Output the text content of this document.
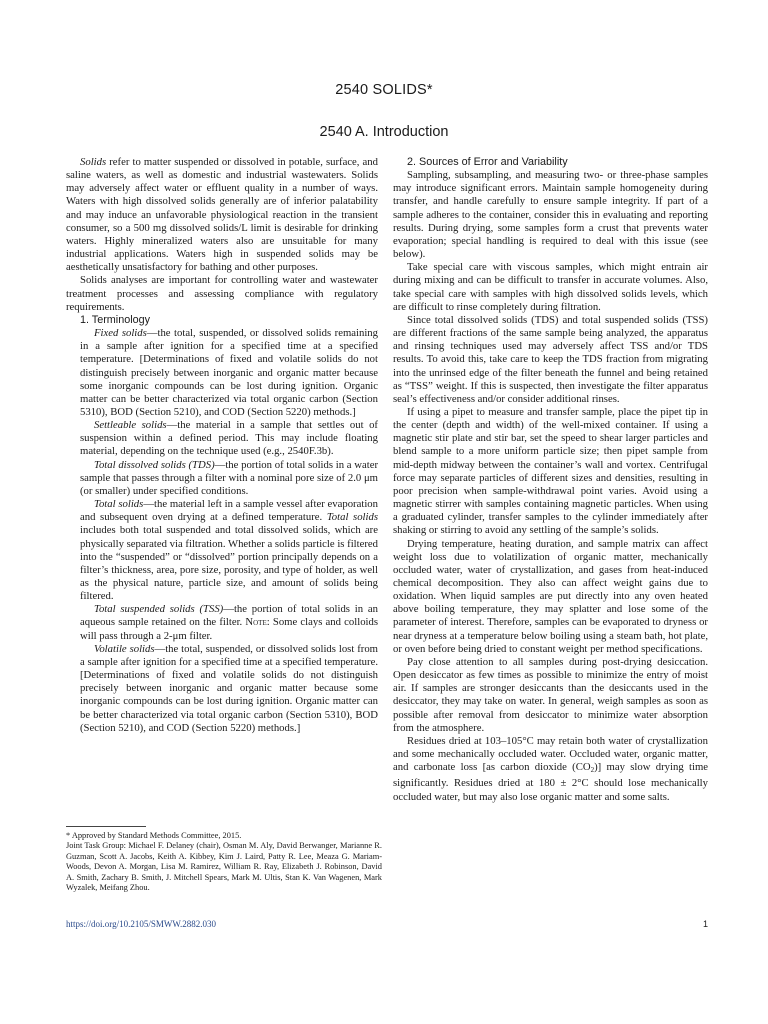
2540 SOLIDS*
2540 A. Introduction

Solids refer to matter suspended or dissolved in potable, surface, and saline waters, as well as domestic and industrial wastewaters. Solids may adversely affect water or effluent quality in a number of ways. Waters with high dissolved solids generally are of inferior palatability and may induce an unfavorable physiological reaction in the transient consumer, so a 500 mg dissolved solids/L limit is desirable for drinking waters. Highly mineralized waters also are unsuitable for many industrial applications. Waters high in suspended solids may be aesthetically unsatisfactory for bathing and other purposes.

Solids analyses are important for controlling water and wastewater treatment processes and assessing compliance with regulatory requirements.

1. Terminology

Fixed solids—the total, suspended, or dissolved solids remaining in a sample after ignition for a specified time at a specified temperature. [Determinations of fixed and volatile solids do not distinguish precisely between inorganic and organic matter because some inorganic compounds can be lost during ignition. Organic matter can be better characterized via total organic carbon (Section 5310), BOD (Section 5210), and COD (Section 5220) methods.]

Settleable solids—the material in a sample that settles out of suspension within a defined period. This may include floating material, depending on the technique used (e.g., 2540F.3b).

Total dissolved solids (TDS)—the portion of total solids in a water sample that passes through a filter with a nominal pore size of 2.0 μm (or smaller) under specified conditions.

Total solids—the material left in a sample vessel after evaporation and subsequent oven drying at a defined temperature. Total solids includes both total suspended and total dissolved solids, which are physically separated via filtration. Whether a solids particle is filtered into the “suspended” or “dissolved” portion principally depends on a filter’s thickness, area, pore size, porosity, and type of holder, as well as the physical nature, particle size, and amount of solids being filtered.

Total suspended solids (TSS)—the portion of total solids in an aqueous sample retained on the filter. Note: Some clays and colloids will pass through a 2-μm filter.

Volatile solids—the total, suspended, or dissolved solids lost from a sample after ignition for a specified time at a specified temperature. [Determinations of fixed and volatile solids do not distinguish precisely between inorganic and organic matter because some inorganic compounds can be lost during ignition. Organic matter can be better characterized via total organic carbon (Section 5310), BOD (Section 5210), and COD (Section 5220) methods.]

* Approved by Standard Methods Committee, 2015.

Joint Task Group: Michael F. Delaney (chair), Osman M. Aly, David Berwanger, Marianne R. Guzman, Scott A. Jacobs, Keith A. Kibbey, Kim J. Laird, Patty R. Lee, Meaza G. Mariam-Woods, Devon A. Morgan, Lisa M. Ramirez, William R. Ray, Elizabeth J. Robinson, David A. Smith, Zachary B. Smith, J. Mitchell Spears, Mark M. Ultis, Stan K. Van Wagenen, Mark Wyzalek, Meifang Zhou.

2. Sources of Error and Variability

Sampling, subsampling, and measuring two- or three-phase samples may introduce significant errors. Maintain sample homogeneity during transfer, and handle carefully to ensure sample integrity. If part of a sample adheres to the container, consider this in evaluating and reporting results. During drying, some samples form a crust that prevents water evaporation; special handling is required to deal with this issue (see below).

Take special care with viscous samples, which might entrain air during mixing and can be difficult to transfer in accurate volumes. Also, take special care with samples with high dissolved solids levels, which are difficult to rinse completely during filtration.

Since total dissolved solids (TDS) and total suspended solids (TSS) are different fractions of the same sample being analyzed, the apparatus and rinsing techniques used may adversely affect TSS and/or TDS results. To avoid this, take care to keep the TDS fraction from migrating into the unrinsed edge of the filter beneath the funnel and being retained as “TSS” weight. If this is suspected, then investigate the filter apparatus seal’s effectiveness and/or consider additional rinses.

If using a pipet to measure and transfer sample, place the pipet tip in the center (depth and width) of the well-mixed container. If using a magnetic stir plate and stir bar, set the speed to shear larger particles and blend sample to a more uniform particle size; then pipet sample from mid-depth midway between the container’s wall and vortex. Centrifugal force may separate particles of different sizes and densities, resulting in poor precision when sample-withdrawal point varies. Avoid using a magnetic stirrer with samples containing magnetic particles. When using a graduated cylinder, transfer samples to the cylinder immediately after shaking or stirring to avoid any settling of the sample’s solids.

Drying temperature, heating duration, and sample matrix can affect weight loss due to volatilization of organic matter, mechanically occluded water, water of crystallization, and gases from heat-induced chemical decomposition. They also can affect weight gains due to oxidation. When liquid samples are put directly into any oven heated above boiling temperature, they may splatter and lose some of the parameter of interest. Therefore, samples can be evaporated to dryness or near dryness at a temperature below boiling using a steam bath, hot plate, or oven before being dried to constant weight per method specifications.

Pay close attention to all samples during post-drying desiccation. Open desiccator as few times as possible to minimize the entry of moist air. If samples are stronger desiccants than the desiccants used in the desiccator, they may take on water. In general, weigh samples as soon as possible after removal from desiccator to minimize water absorption from the atmosphere.

Residues dried at 103–105°C may retain both water of crystallization and some mechanically occluded water. Occluded water, organic matter, and carbonate loss [as carbon dioxide $(CO_2)$] may slow drying time significantly. Residues dried at 180 ± 2°C should lose mechanically occluded water, but may also lose organic matter and some salts.

https://doi.org/10.2105/SMWW.2882.030	1
